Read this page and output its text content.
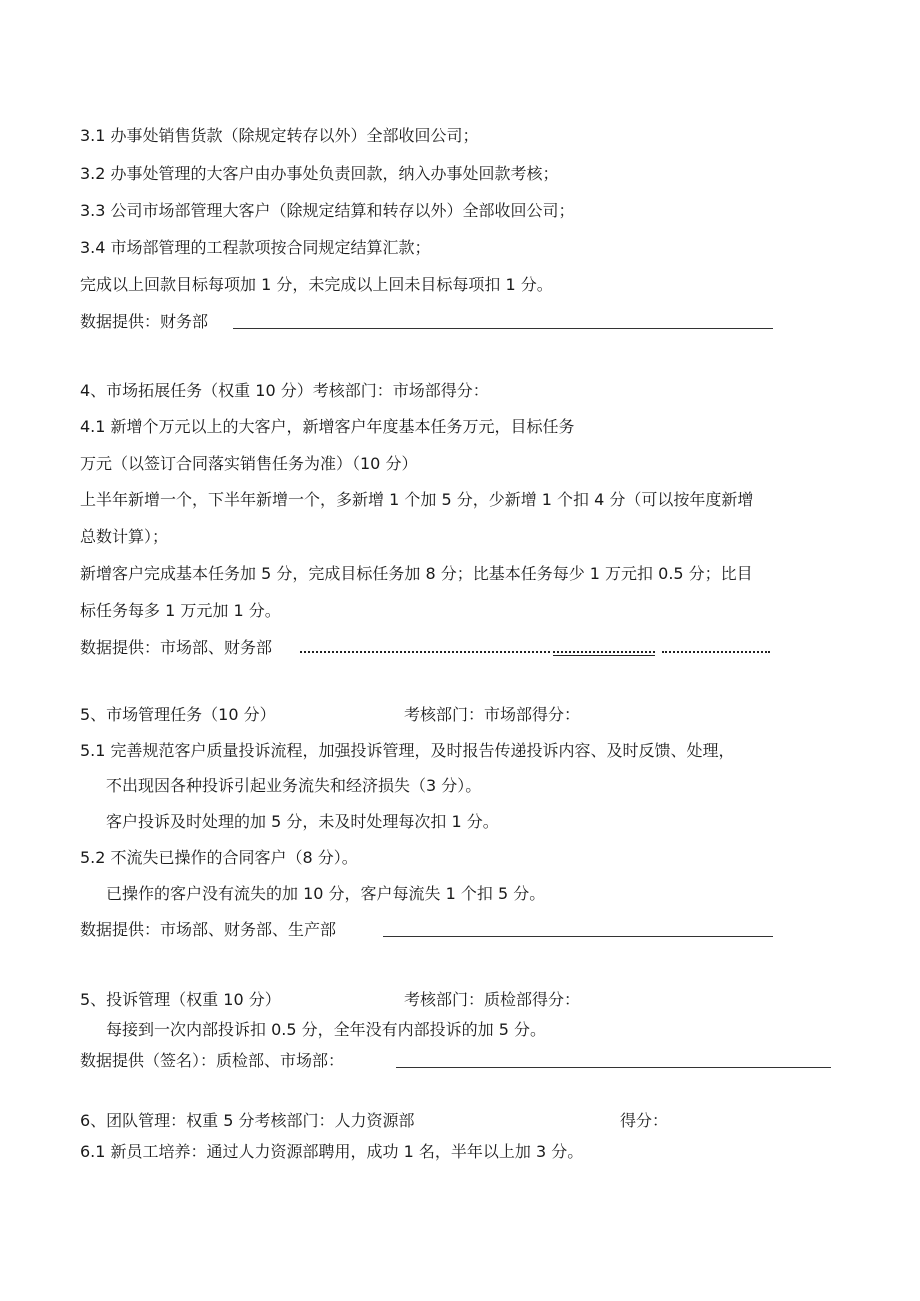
3.1 办事处销售货款（除规定转存以外）全部收回公司；
3.2 办事处管理的大客户由办事处负责回款，纳入办事处回款考核；
3.3 公司市场部管理大客户（除规定结算和转存以外）全部收回公司；
3.4 市场部管理的工程款项按合同规定结算汇款；
完成以上回款目标每项加 1 分，未完成以上回未目标每项扣 1 分。
数据提供：财务部
4、市场拓展任务（权重 10 分）考核部门：市场部得分：
4.1 新增个万元以上的大客户，新增客户年度基本任务万元，目标任务
万元（以签订合同落实销售任务为准）（10 分）
上半年新增一个，下半年新增一个，多新增 1 个加 5 分，少新增 1 个扣 4 分（可以按年度新增
总数计算）；
新增客户完成基本任务加 5 分，完成目标任务加 8 分；比基本任务每少 1 万元扣 0.5 分；比目
标任务每多 1 万元加 1 分。
数据提供：市场部、财务部
5、市场管理任务（10 分）	考核部门：市场部得分：
5.1 完善规范客户质量投诉流程，加强投诉管理，及时报告传递投诉内容、及时反馈、处理，
不出现因各种投诉引起业务流失和经济损失（3 分）。
客户投诉及时处理的加 5 分，未及时处理每次扣 1 分。
5.2 不流失已操作的合同客户（8 分）。
已操作的客户没有流失的加 10 分，客户每流失 1 个扣 5 分。
数据提供：市场部、财务部、生产部
5、投诉管理（权重 10 分）	考核部门：质检部得分：
每接到一次内部投诉扣 0.5 分，全年没有内部投诉的加 5 分。
数据提供（签名）：质检部、市场部：
6、团队管理：权重 5 分考核部门：人力资源部	得分：
6.1 新员工培养：通过人力资源部聘用，成功 1 名，半年以上加 3 分。
